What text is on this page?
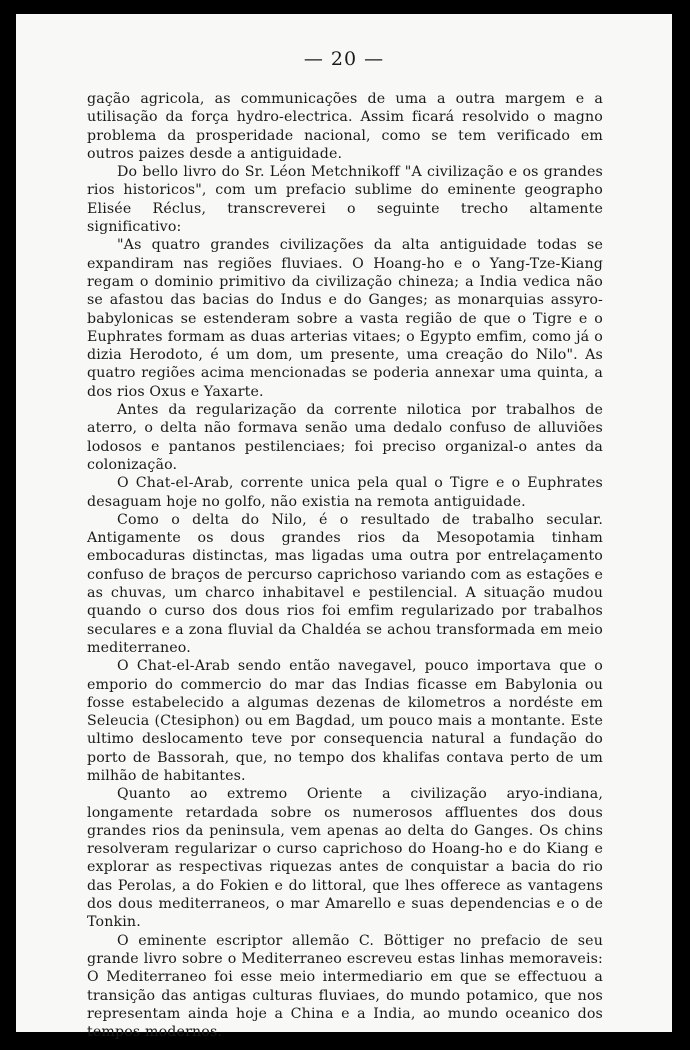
— 20 —

gação agricola, as communicações de uma a outra margem e a utilisação da força hydro-electrica. Assim ficará resolvido o magno problema da prosperidade nacional, como se tem verificado em outros paizes desde a antiguidade.

Do bello livro do Sr. Léon Metchnikoff "A civilização e os grandes rios historicos", com um prefacio sublime do eminente geographo Elisée Réclus, transcreverei o seguinte trecho altamente significativo:

"As quatro grandes civilizações da alta antiguidade todas se expandiram nas regiões fluviaes. O Hoang-ho e o Yang-Tze-Kiang regam o dominio primitivo da civilização chineza; a India vedica não se afastou das bacias do Indus e do Ganges; as monarquias assyro-babylonicas se estenderam sobre a vasta região de que o Tigre e o Euphrates formam as duas arterias vitaes; o Egypto emfim, como já o dizia Herodoto, é um dom, um presente, uma creação do Nilo". As quatro regiões acima mencionadas se poderia annexar uma quinta, a dos rios Oxus e Yaxarte.

Antes da regularização da corrente nilotica por trabalhos de aterro, o delta não formava senão uma dedalo confuso de alluviões lodosos e pantanos pestilenciaes; foi preciso organizal-o antes da colonização.

O Chat-el-Arab, corrente unica pela qual o Tigre e o Euphrates desaguam hoje no golfo, não existia na remota antiguidade.

Como o delta do Nilo, é o resultado de trabalho secular. Antigamente os dous grandes rios da Mesopotamia tinham embocaduras distinctas, mas ligadas uma outra por entrelaçamento confuso de braços de percurso caprichoso variando com as estações e as chuvas, um charco inhabitavel e pestilencial. A situação mudou quando o curso dos dous rios foi emfim regularizado por trabalhos seculares e a zona fluvial da Chaldéa se achou transformada em meio mediterraneo.

O Chat-el-Arab sendo então navegavel, pouco importava que o emporio do commercio do mar das Indias ficasse em Babylonia ou fosse estabelecido a algumas dezenas de kilometros a nordéste em Seleucia (Ctesiphon) ou em Bagdad, um pouco mais a montante. Este ultimo deslocamento teve por consequencia natural a fundação do porto de Bassorah, que, no tempo dos khalifas contava perto de um milhão de habitantes.

Quanto ao extremo Oriente a civilização aryo-indiana, longamente retardada sobre os numerosos affluentes dos dous grandes rios da peninsula, vem apenas ao delta do Ganges. Os chins resolveram regularizar o curso caprichoso do Hoang-ho e do Kiang e explorar as respectivas riquezas antes de conquistar a bacia do rio das Perolas, a do Fokien e do littoral, que lhes offerece as vantagens dos dous mediterraneos, o mar Amarello e suas dependencias e o de Tonkin.

O eminente escriptor allemão C. Böttiger no prefacio de seu grande livro sobre o Mediterraneo escreveu estas linhas memoraveis: O Mediterraneo foi esse meio intermediario em que se effectuou a transição das antigas culturas fluviaes, do mundo potamico, que nos representam ainda hoje a China e a India, ao mundo oceanico dos tempos modernos.
